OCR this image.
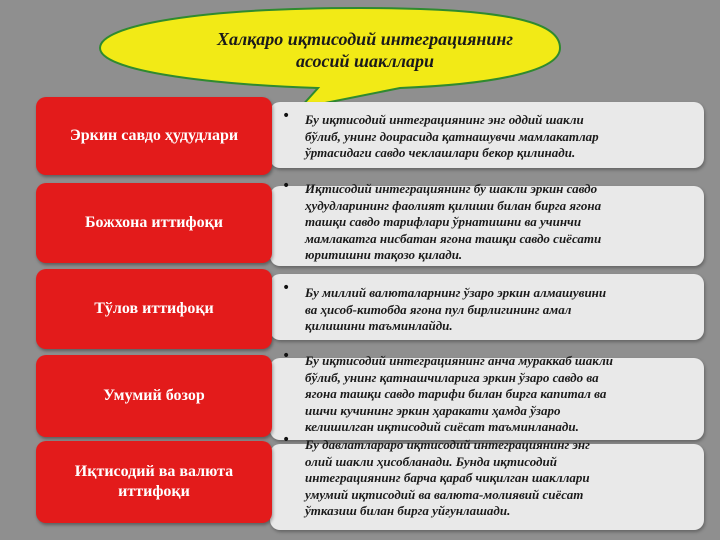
Халқаро иқтисодий интеграциянинг
асосий шакллари
Эркин савдо ҳудудлари
• Бу иқтисодий интеграциянинг энг оддий шакли
бўлиб, унинг доирасида қатнашувчи мамлакатлар
ўртасидаги савдо чеклашлари бекор қилинади.
Божхона иттифоқи
• Иқтисодий интеграциянинг бу шакли эркин савдо
ҳудудларининг фаолият қилиши билан бирга ягона
ташқи савдо тарифлари ўрнатишни ва учинчи
мамлакатга нисбатан ягона ташқи савдо сиёсати
юритишни тақозо қилади.
Тўлов иттифоқи
• Бу миллий валюталарнинг ўзаро эркин алмашувини
ва ҳисоб-китобда ягона пул бирлигининг амал
қилишини таъминлайди.
Умумий бозор
• Бу иқтисодий интеграциянинг анча мураккаб шакли
бўлиб, унинг қатнашчиларига эркин ўзаро савдо ва
ягона ташқи савдо тарифи билан бирга капитал ва
ишчи кучининг эркин ҳаракати ҳамда ўзаро
келишилган иқтисодий сиёсат таъминланади.
Иқтисодий ва валюта
иттифоқи
• Бу давлатлараро иқтисодий интеграциянинг энг
олий шакли ҳисобланади. Бунда иқтисодий
интеграциянинг барча қараб чиқилган шакллари
умумий иқтисодий ва валюта-молиявий сиёсат
ўтказиш билан бирга уйғунлашади.
